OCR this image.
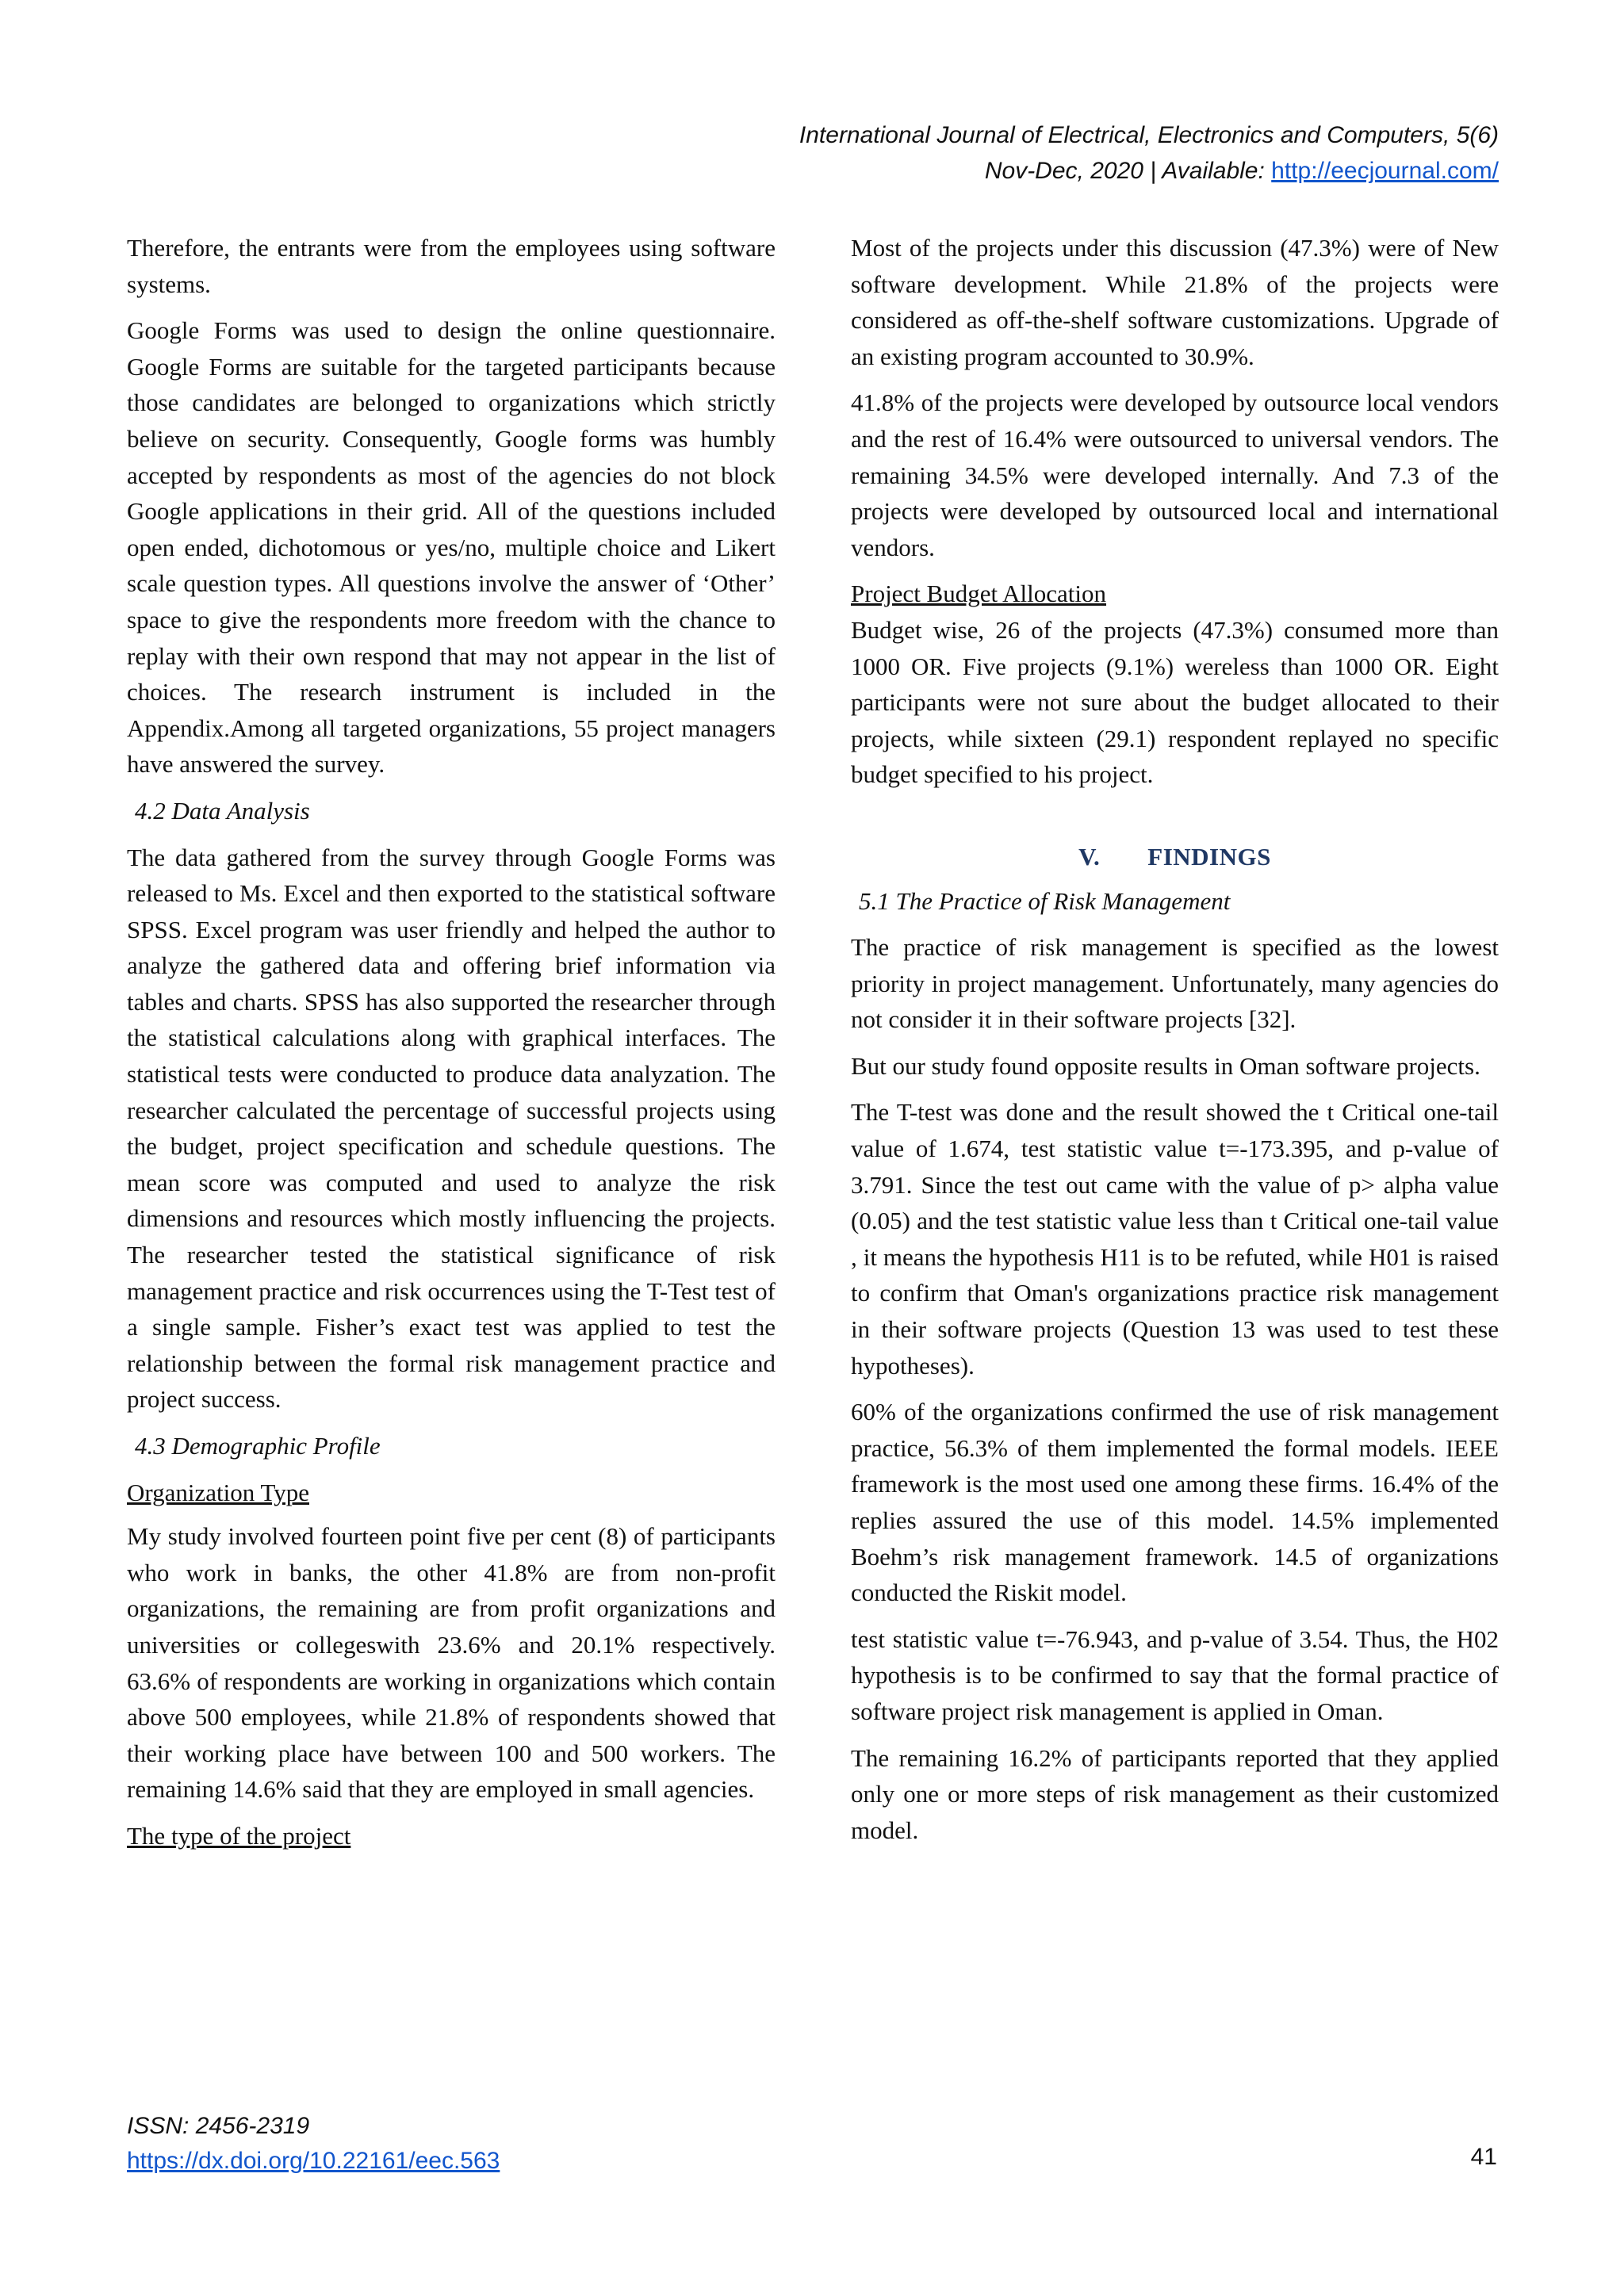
International Journal of Electrical, Electronics and Computers, 5(6)
Nov-Dec, 2020 | Available: http://eecjournal.com/

Therefore, the entrants were from the employees using software systems.

Google Forms was used to design the online questionnaire. Google Forms are suitable for the targeted participants because those candidates are belonged to organizations which strictly believe on security. Consequently, Google forms was humbly accepted by respondents as most of the agencies do not block Google applications in their grid. All of the questions included open ended, dichotomous or yes/no, multiple choice and Likert scale question types. All questions involve the answer of ‘Other’ space to give the respondents more freedom with the chance to replay with their own respond that may not appear in the list of choices. The research instrument is included in the Appendix.Among all targeted organizations, 55 project managers have answered the survey.

4.2 Data Analysis

The data gathered from the survey through Google Forms was released to Ms. Excel and then exported to the statistical software SPSS. Excel program was user friendly and helped the author to analyze the gathered data and offering brief information via tables and charts. SPSS has also supported the researcher through the statistical calculations along with graphical interfaces. The statistical tests were conducted to produce data analyzation. The researcher calculated the percentage of successful projects using the budget, project specification and schedule questions. The mean score was computed and used to analyze the risk dimensions and resources which mostly influencing the projects. The researcher tested the statistical significance of risk management practice and risk occurrences using the T-Test test of a single sample. Fisher’s exact test was applied to test the relationship between the formal risk management practice and project success.

4.3 Demographic Profile
Organization Type

My study involved fourteen point five per cent (8) of participants who work in banks, the other 41.8% are from non-profit organizations, the remaining are from profit organizations and universities or collegeswith 23.6% and 20.1% respectively. 63.6% of respondents are working in organizations which contain above 500 employees, while 21.8% of respondents showed that their working place have between 100 and 500 workers. The remaining 14.6% said that they are employed in small agencies.

The type of the project

Most of the projects under this discussion (47.3%) were of New software development. While 21.8% of the projects were considered as off-the-shelf software customizations. Upgrade of an existing program accounted to 30.9%.

41.8% of the projects were developed by outsource local vendors and the rest of 16.4% were outsourced to universal vendors. The remaining 34.5% were developed internally. And 7.3 of the projects were developed by outsourced local and international vendors.

Project Budget Allocation

Budget wise, 26 of the projects (47.3%) consumed more than 1000 OR. Five projects (9.1%) wereless than 1000 OR. Eight participants were not sure about the budget allocated to their projects, while sixteen (29.1) respondent replayed no specific budget specified to his project.

V. FINDINGS
5.1 The Practice of Risk Management

The practice of risk management is specified as the lowest priority in project management. Unfortunately, many agencies do not consider it in their software projects [32].

But our study found opposite results in Oman software projects.

The T-test was done and the result showed the t Critical one-tail value of 1.674, test statistic value t=-173.395, and p-value of 3.791. Since the test out came with the value of p> alpha value (0.05) and the test statistic value less than t Critical one-tail value , it means the hypothesis H11 is to be refuted, while H01 is raised to confirm that Oman's organizations practice risk management in their software projects (Question 13 was used to test these hypotheses).

60% of the organizations confirmed the use of risk management practice, 56.3% of them implemented the formal models. IEEE framework is the most used one among these firms. 16.4% of the replies assured the use of this model. 14.5% implemented Boehm’s risk management framework. 14.5 of organizations conducted the Riskit model.

test statistic value t=-76.943, and p-value of 3.54. Thus, the H02 hypothesis is to be confirmed to say that the formal practice of software project risk management is applied in Oman.

The remaining 16.2% of participants reported that they applied only one or more steps of risk management as their customized model.

ISSN: 2456-2319
https://dx.doi.org/10.22161/eec.563	41
